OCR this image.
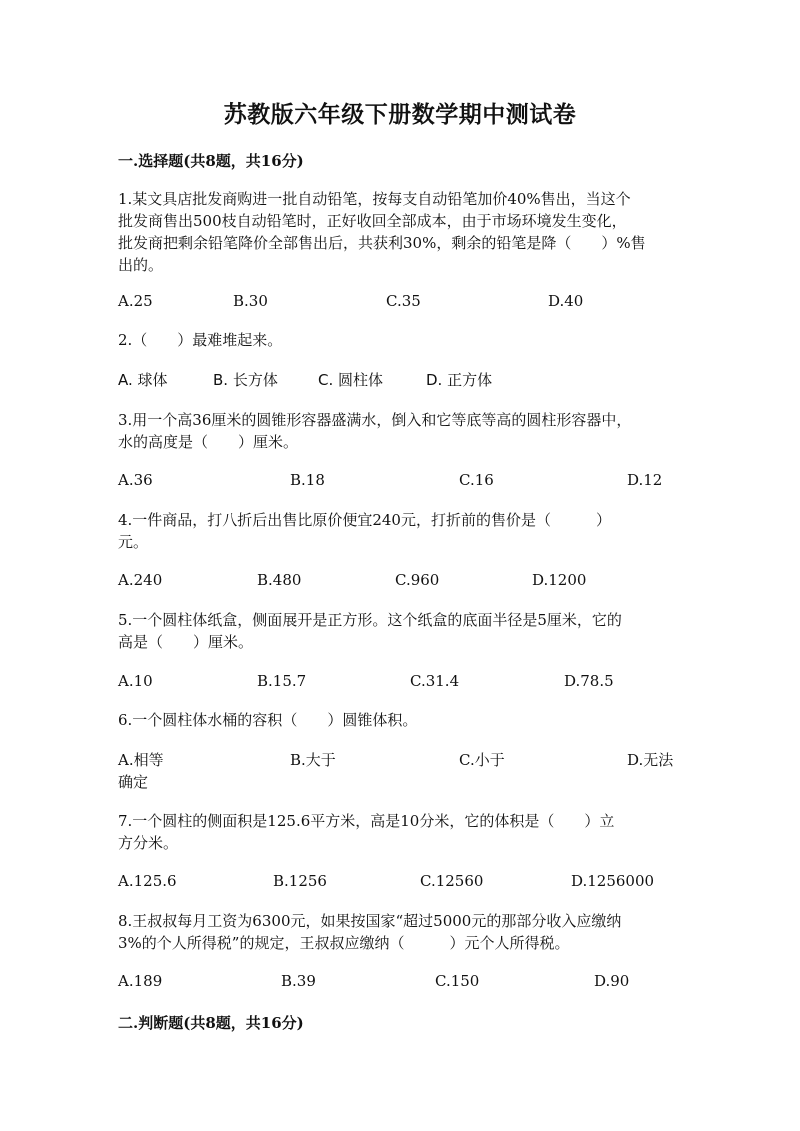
苏教版六年级下册数学期中测试卷
一.选择题(共8题，共16分)
1.某文具店批发商购进一批自动铅笔，按每支自动铅笔加价40%售出，当这个
批发商售出500枝自动铅笔时，正好收回全部成本，由于市场环境发生变化，
批发商把剩余铅笔降价全部售出后，共获利30%，剩余的铅笔是降（　　）%售
出的。
A.25	B.30	C.35	D.40
2.（　　）最难堆起来。
A. 球体	B. 长方体	C. 圆柱体	D. 正方体
3.用一个高36厘米的圆锥形容器盛满水，倒入和它等底等高的圆柱形容器中，
水的高度是（　　）厘米。
A.36	B.18	C.16	D.12
4.一件商品，打八折后出售比原价便宜240元，打折前的售价是（　　　）
元。
A.240	B.480	C.960	D.1200
5.一个圆柱体纸盒，侧面展开是正方形。这个纸盒的底面半径是5厘米，它的
高是（　　）厘米。
A.10	B.15.7	C.31.4	D.78.5
6.一个圆柱体水桶的容积（　　）圆锥体积。
A.相等	B.大于	C.小于	D.无法
确定
7.一个圆柱的侧面积是125.6平方米，高是10分米，它的体积是（　　）立
方分米。
A.125.6	B.1256	C.12560	D.1256000
8.王叔叔每月工资为6300元，如果按国家“超过5000元的那部分收入应缴纳
3%的个人所得税”的规定，王叔叔应缴纳（　　　）元个人所得税。
A.189	B.39	C.150	D.90
二.判断题(共8题，共16分)
